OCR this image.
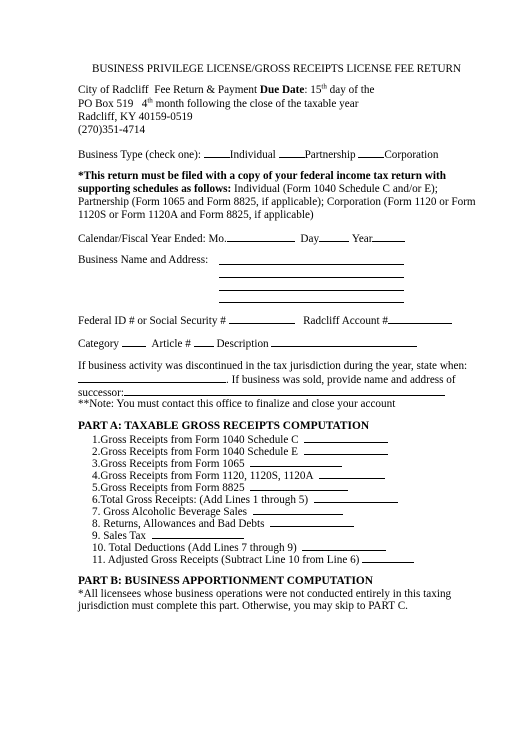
BUSINESS PRIVILEGE LICENSE/GROSS RECEIPTS LICENSE FEE RETURN
City of Radcliff Fee Return & Payment Due Date: 15th day of the
PO Box 519 4th month following the close of the taxable year
Radcliff, KY 40159-0519
(270)351-4714
Business Type (check one):	Individual	Partnership	Corporation
*This return must be filed with a copy of your federal income tax return with
supporting schedules as follows: Individual (Form 1040 Schedule C and/or E);
Partnership (Form 1065 and Form 8825, if applicable); Corporation (Form 1120 or Form
1120S or Form 1120A and Form 8825, if applicable)
Calendar/Fiscal Year Ended: Mo.	Day	Year
Business Name and Address:
Federal ID # or Social Security #	Radcliff Account #
Category	Article # Description
If business activity was discontinued in the tax jurisdiction during the year, state when:
. If business was sold, provide name and address of
successor:
**Note: You must contact this office to finalize and close your account
PART A: TAXABLE GROSS RECEIPTS COMPUTATION
1.Gross Receipts from Form 1040 Schedule C
2.Gross Receipts from Form 1040 Schedule E
3.Gross Receipts from Form 1065
4.Gross Receipts from Form 1120, 1120S, 1120A
5.Gross Receipts from Form 8825
6.Total Gross Receipts: (Add Lines 1 through 5)
7. Gross Alcoholic Beverage Sales
8. Returns, Allowances and Bad Debts
9. Sales Tax
10. Total Deductions (Add Lines 7 through 9)
11. Adjusted Gross Receipts (Subtract Line 10 from Line 6)
PART B: BUSINESS APPORTIONMENT COMPUTATION
*All licensees whose business operations were not conducted entirely in this taxing
jurisdiction must complete this part. Otherwise, you may skip to PART C.
